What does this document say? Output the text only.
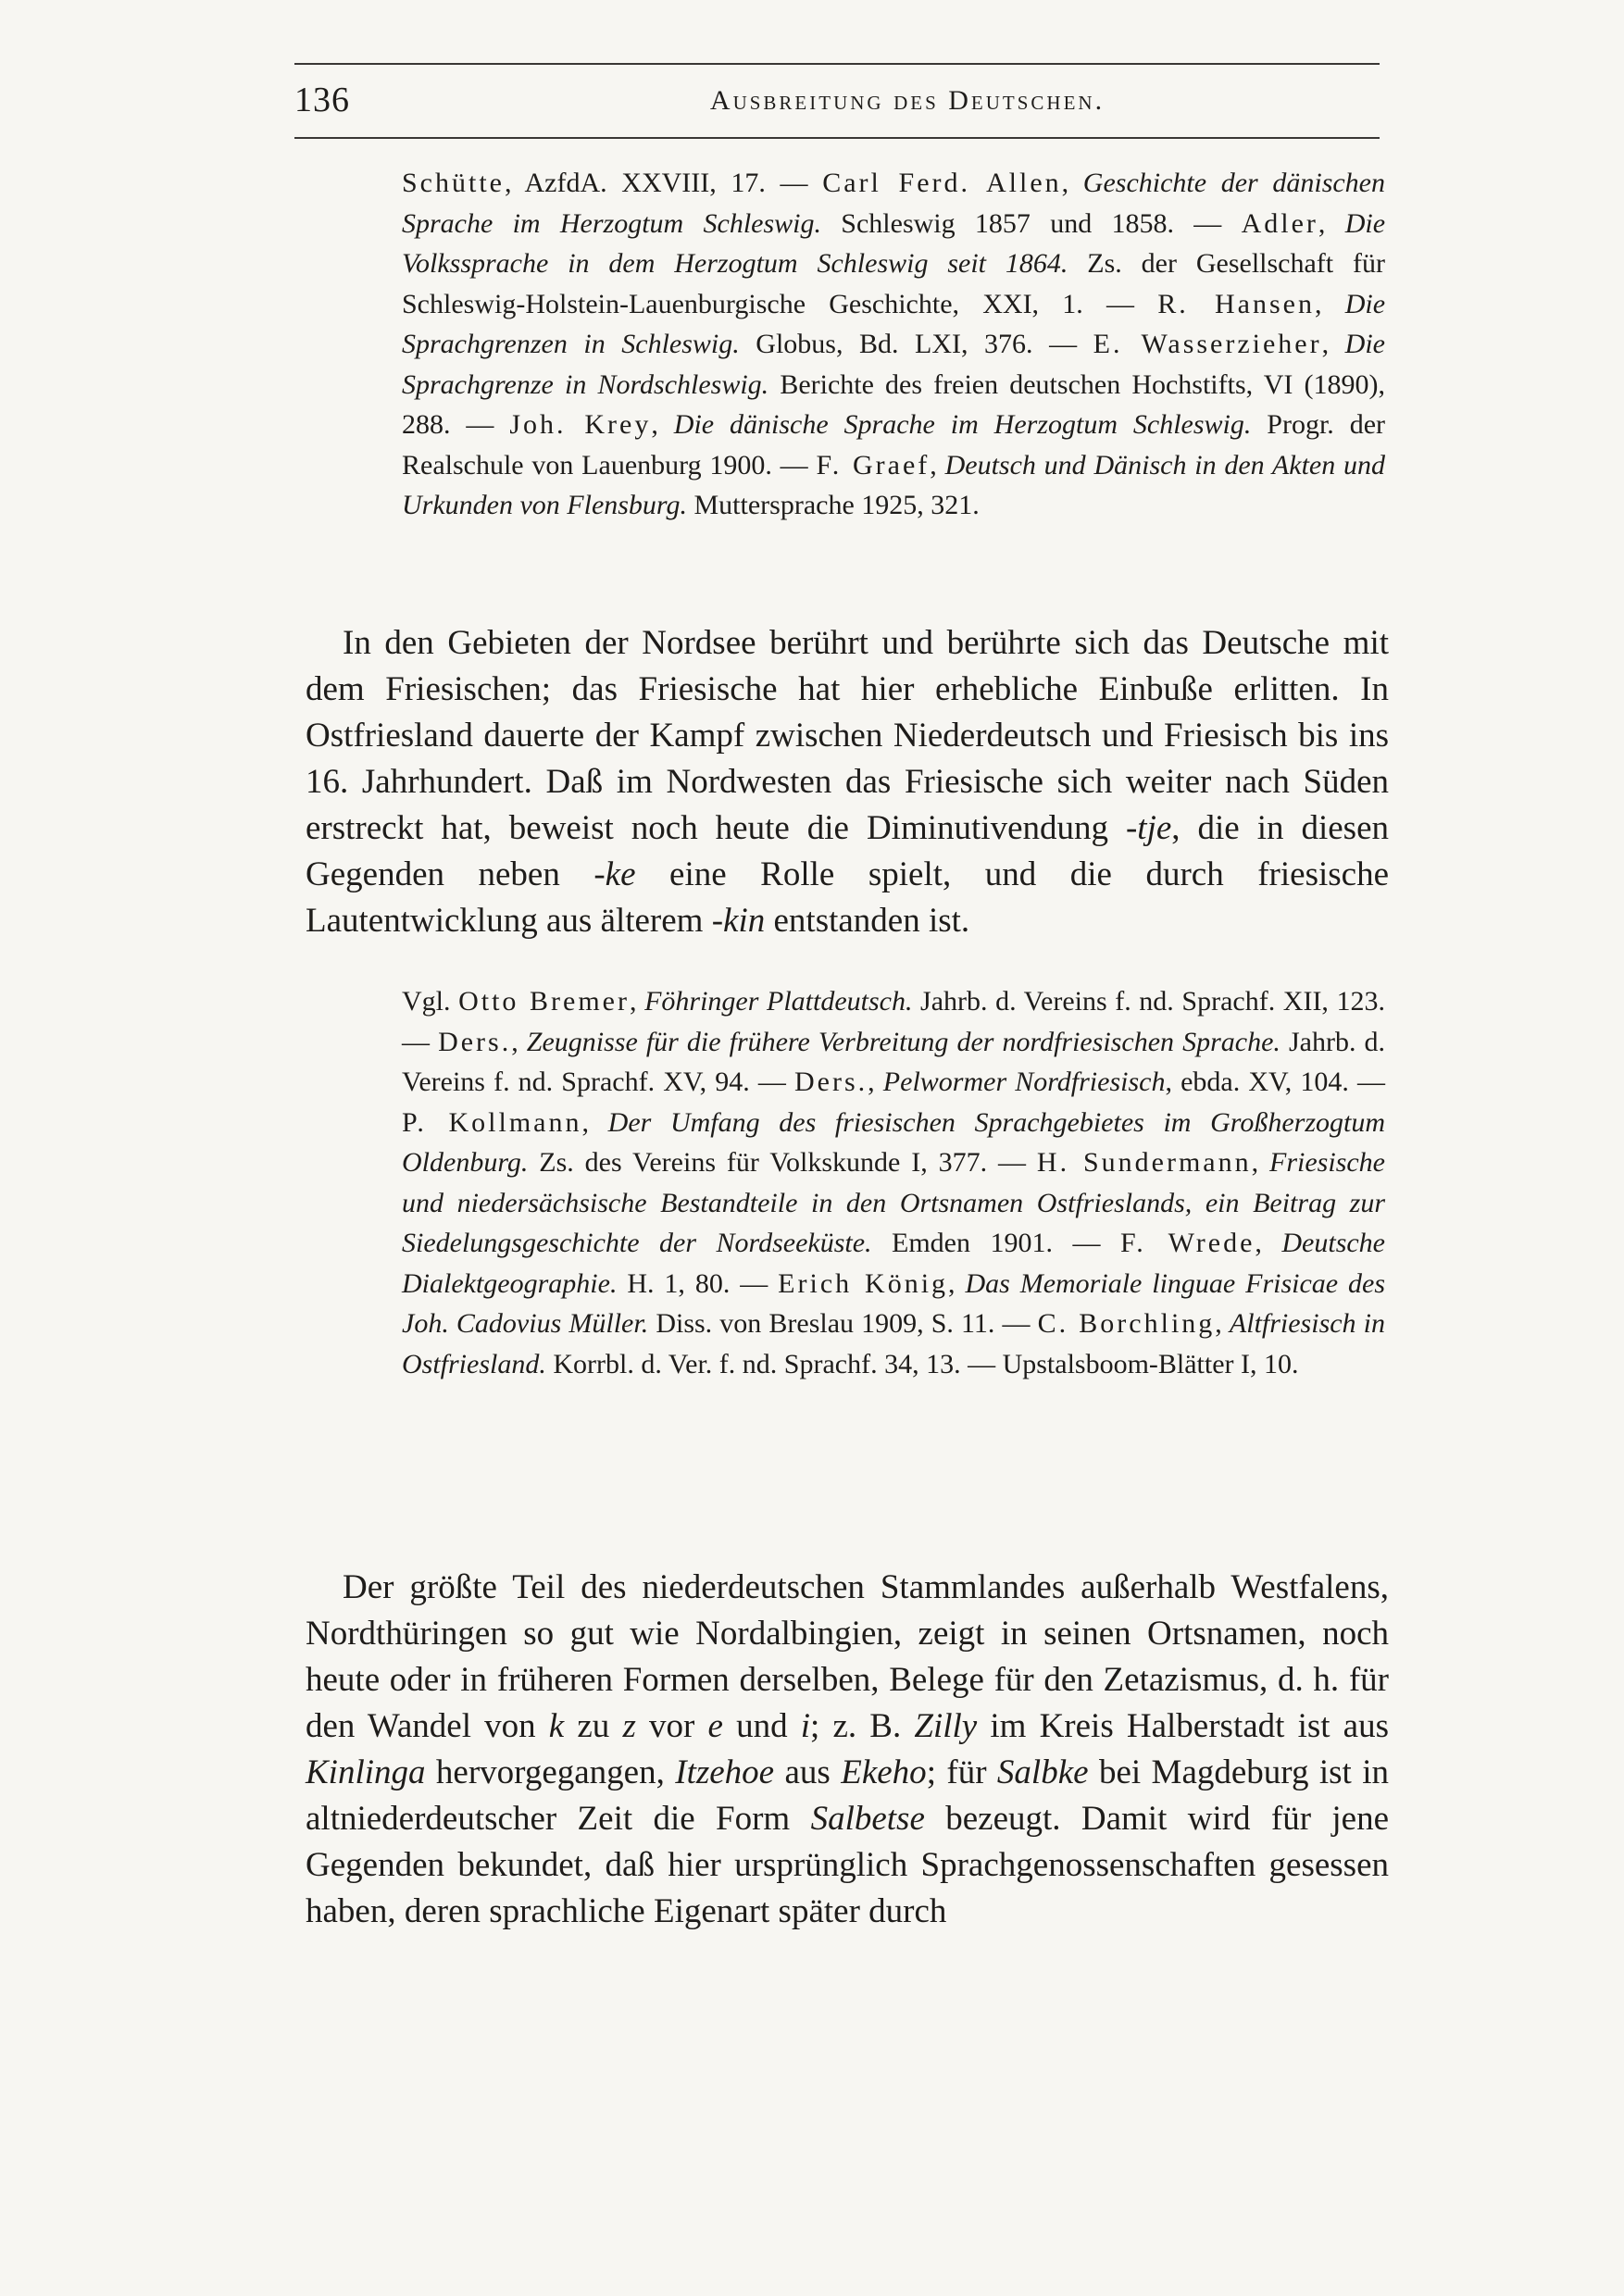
136	Ausbreitung des Deutschen.

Schütte, AzfdA. XXVIII, 17. — Carl Ferd. Allen, Geschichte der dänischen Sprache im Herzogtum Schleswig. Schleswig 1857 und 1858. — Adler, Die Volkssprache in dem Herzogtum Schleswig seit 1864. Zs. der Gesellschaft für Schleswig-Holstein-Lauenburgische Geschichte, XXI, 1. — R. Hansen, Die Sprachgrenzen in Schleswig. Globus, Bd. LXI, 376. — E. Wasserzieher, Die Sprachgrenze in Nordschleswig. Berichte des freien deutschen Hochstifts, VI (1890), 288. — Joh. Krey, Die dänische Sprache im Herzogtum Schleswig. Progr. der Realschule von Lauenburg 1900. — F. Graef, Deutsch und Dänisch in den Akten und Urkunden von Flensburg. Muttersprache 1925, 321.

In den Gebieten der Nordsee berührt und berührte sich das Deutsche mit dem Friesischen; das Friesische hat hier erhebliche Einbuße erlitten. In Ostfriesland dauerte der Kampf zwischen Niederdeutsch und Friesisch bis ins 16. Jahrhundert. Daß im Nordwesten das Friesische sich weiter nach Süden erstreckt hat, beweist noch heute die Diminutivendung -tje, die in diesen Gegenden neben -ke eine Rolle spielt, und die durch friesische Lautentwicklung aus älterem -kin entstanden ist.

Vgl. Otto Bremer, Föhringer Plattdeutsch. Jahrb. d. Vereins f. nd. Sprachf. XII, 123. — Ders., Zeugnisse für die frühere Verbreitung der nordfriesischen Sprache. Jahrb. d. Vereins f. nd. Sprachf. XV, 94. — Ders., Pelwormer Nordfriesisch, ebda. XV, 104. — P. Kollmann, Der Umfang des friesischen Sprachgebietes im Großherzogtum Oldenburg. Zs. des Vereins für Volkskunde I, 377. — H. Sundermann, Friesische und niedersächsische Bestandteile in den Ortsnamen Ostfrieslands, ein Beitrag zur Siedelungsgeschichte der Nordseeküste. Emden 1901. — F. Wrede, Deutsche Dialektgeographie. H. 1, 80. — Erich König, Das Memoriale linguae Frisicae des Joh. Cadovius Müller. Diss. von Breslau 1909, S. 11. — C. Borchling, Altfriesisch in Ostfriesland. Korrbl. d. Ver. f. nd. Sprachf. 34, 13. — Upstalsboom-Blätter I, 10.

Der größte Teil des niederdeutschen Stammlandes außerhalb Westfalens, Nordthüringen so gut wie Nordalbingien, zeigt in seinen Ortsnamen, noch heute oder in früheren Formen derselben, Belege für den Zetazismus, d. h. für den Wandel von k zu z vor e und i; z. B. Zilly im Kreis Halberstadt ist aus Kinlinga hervorgegangen, Itzehoe aus Ekeho; für Salbke bei Magdeburg ist in altniederdeutscher Zeit die Form Salbetse bezeugt. Damit wird für jene Gegenden bekundet, daß hier ursprünglich Sprachgenossenschaften gesessen haben, deren sprachliche Eigenart später durch
